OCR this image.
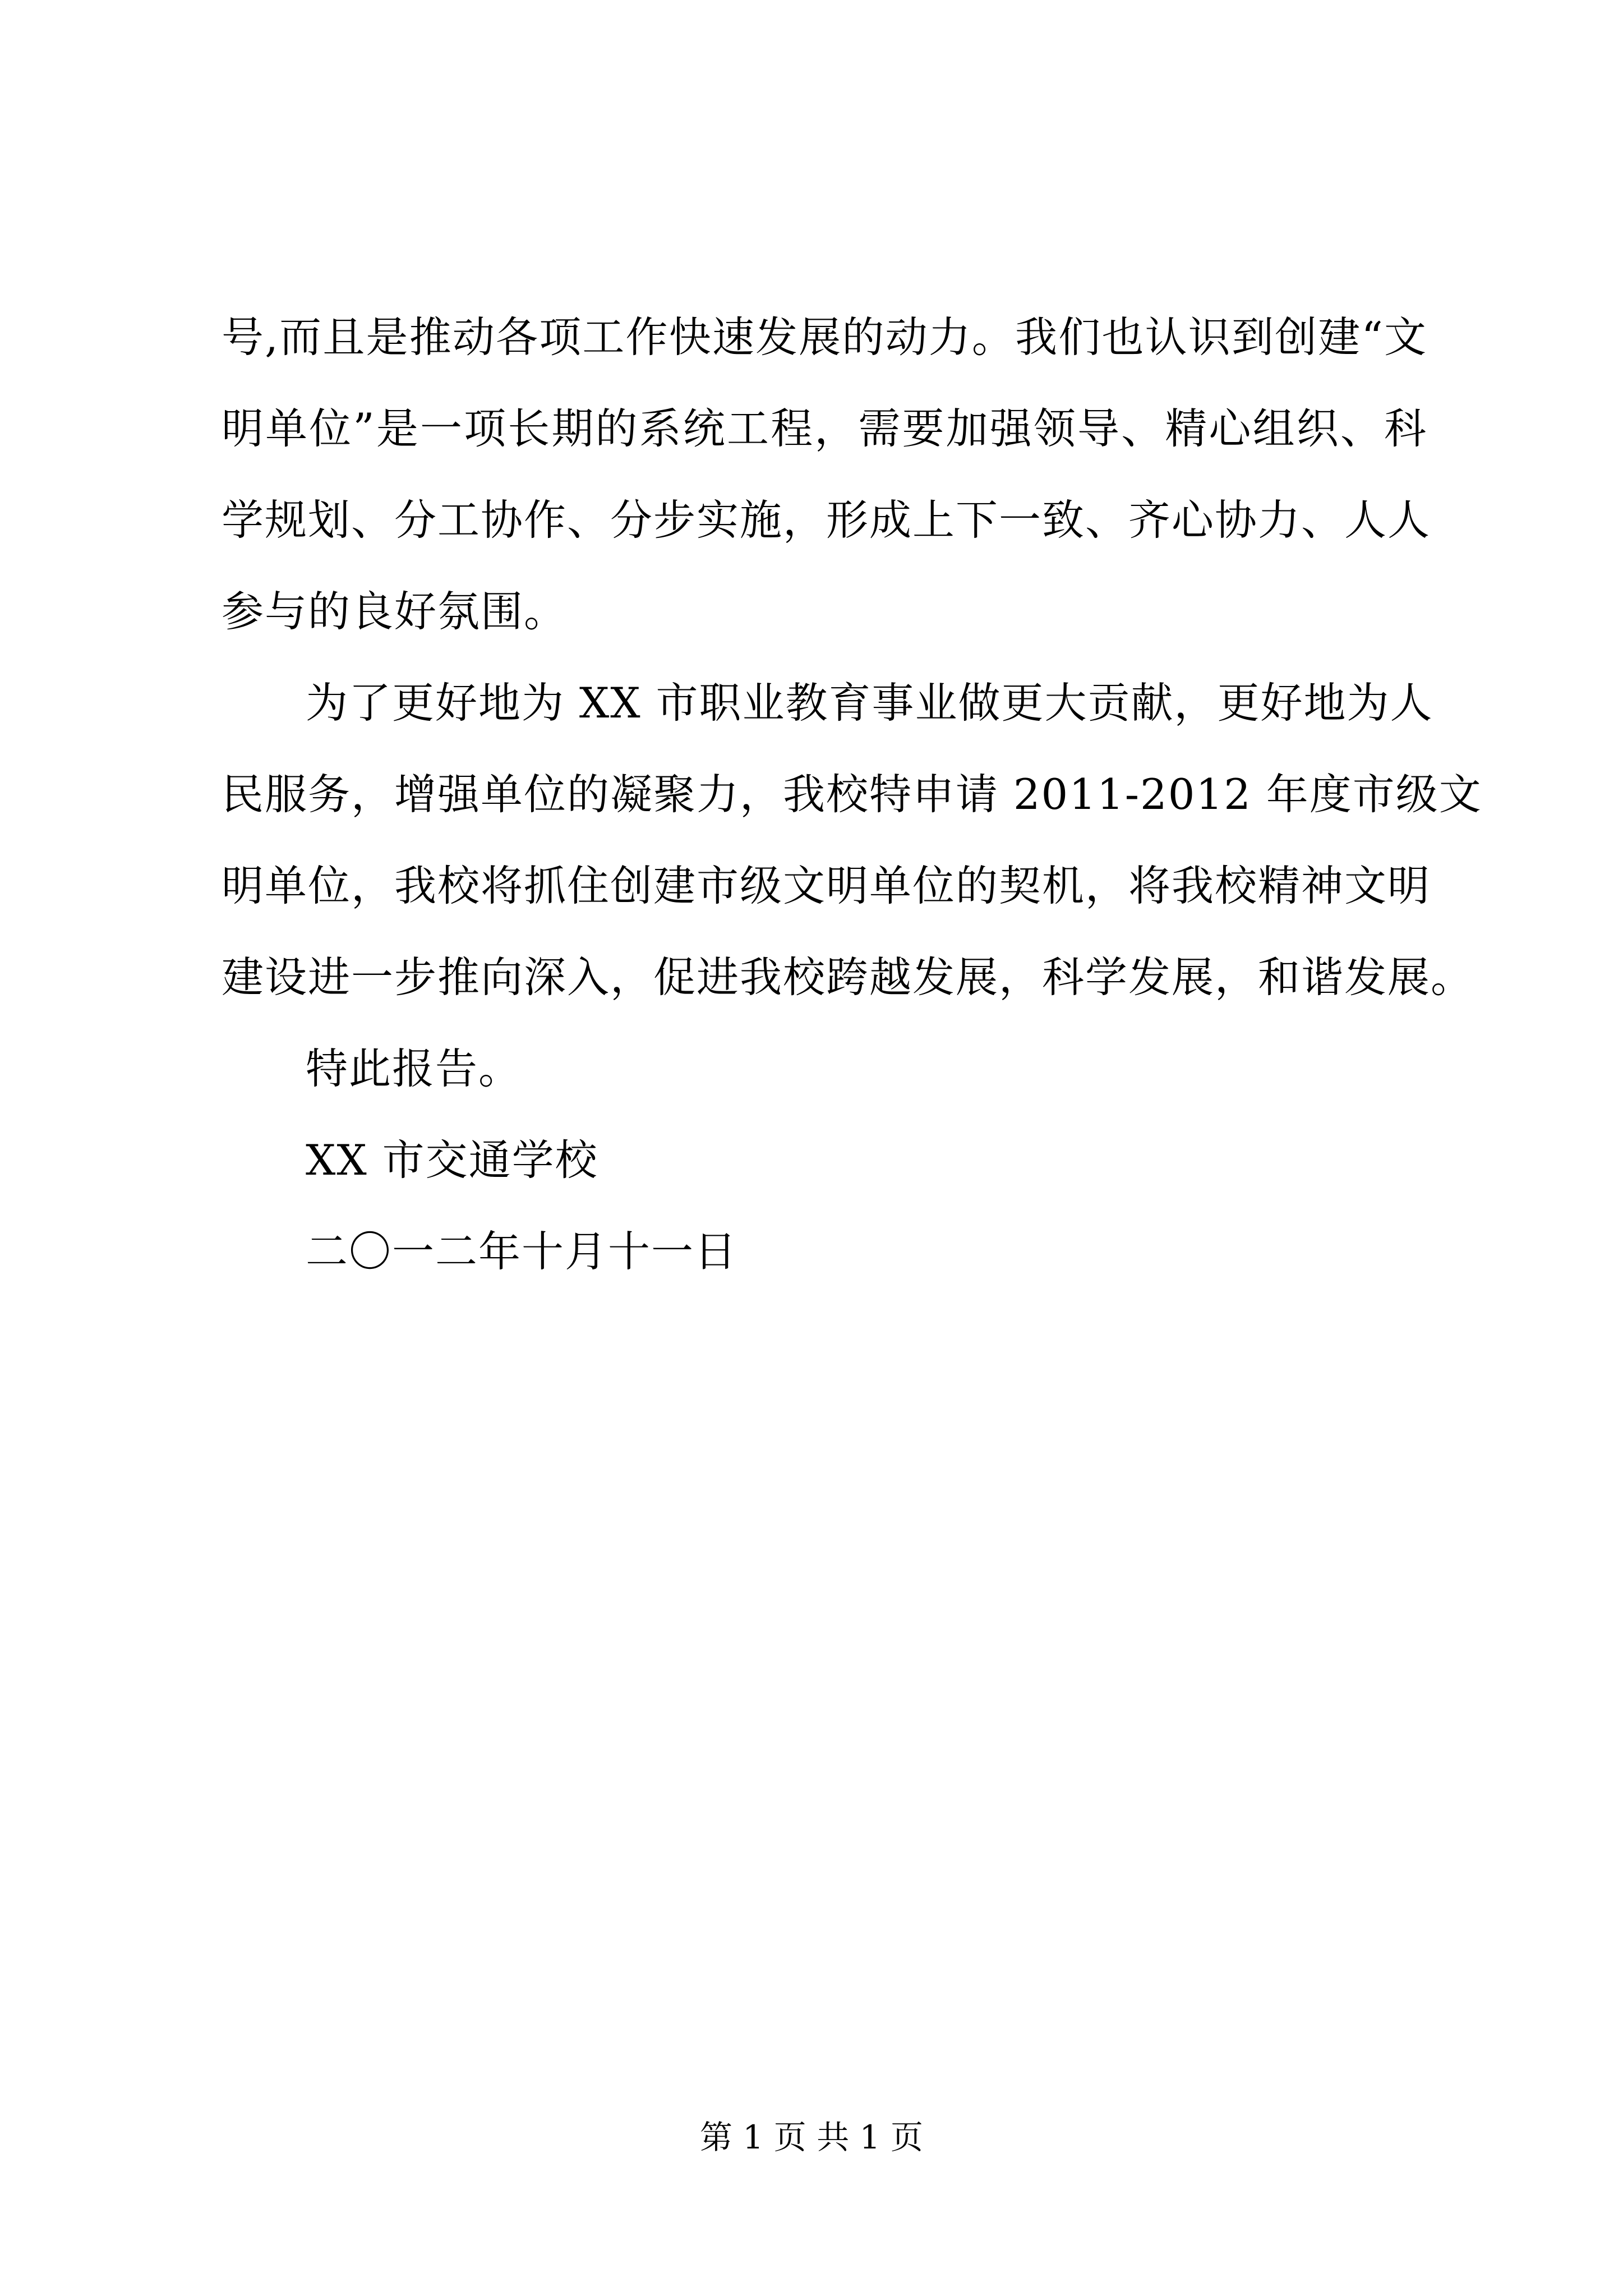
号,而且是推动各项工作快速发展的动力。我们也认识到创建“文
明单位”是一项长期的系统工程，需要加强领导、精心组织、科
学规划、分工协作、分步实施，形成上下一致、齐心协力、人人
参与的良好氛围。

为了更好地为 XX 市职业教育事业做更大贡献，更好地为人
民服务，增强单位的凝聚力，我校特申请 2011-2012 年度市级文
明单位，我校将抓住创建市级文明单位的契机，将我校精神文明
建设进一步推向深入，促进我校跨越发展，科学发展，和谐发展。

特此报告。

XX 市交通学校

二〇一二年十月十一日

第 1 页 共 1 页
